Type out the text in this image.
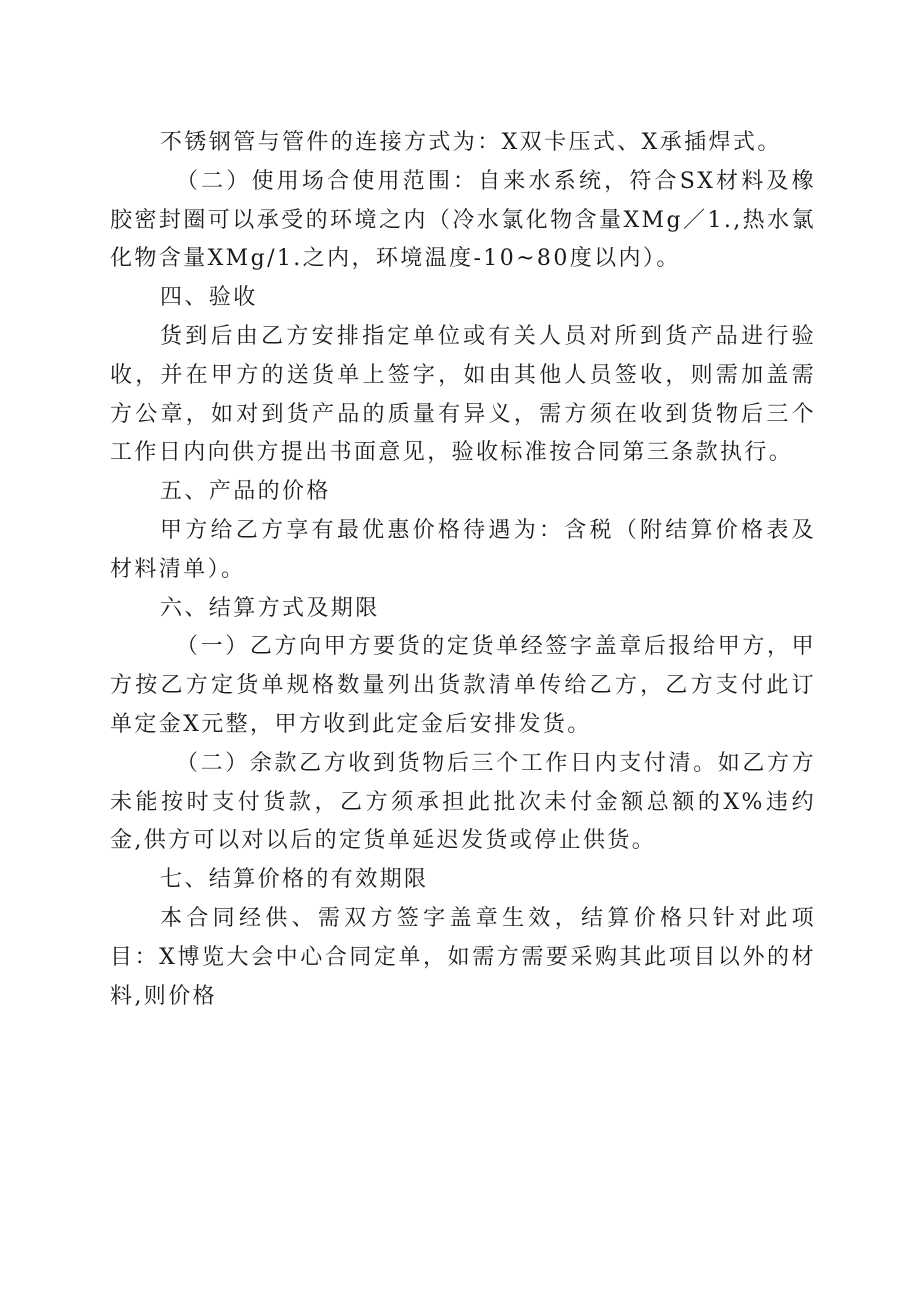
不锈钢管与管件的连接方式为：X双卡压式、X承插焊式。

（二）使用场合使用范围：自来水系统，符合SX材料及橡胶密封圈可以承受的环境之内（冷水氯化物含量XMg／1.,热水氯化物含量XMg/1.之内，环境温度-10~80度以内）。

四、验收

货到后由乙方安排指定单位或有关人员对所到货产品进行验收，并在甲方的送货单上签字，如由其他人员签收，则需加盖需方公章，如对到货产品的质量有异义，需方须在收到货物后三个工作日内向供方提出书面意见，验收标准按合同第三条款执行。

五、产品的价格

甲方给乙方享有最优惠价格待遇为：含税（附结算价格表及材料清单）。

六、结算方式及期限

（一）乙方向甲方要货的定货单经签字盖章后报给甲方，甲方按乙方定货单规格数量列出货款清单传给乙方，乙方支付此订单定金X元整，甲方收到此定金后安排发货。

（二）余款乙方收到货物后三个工作日内支付清。如乙方方未能按时支付货款，乙方须承担此批次未付金额总额的X%违约金,供方可以对以后的定货单延迟发货或停止供货。

七、结算价格的有效期限

本合同经供、需双方签字盖章生效，结算价格只针对此项目：X博览大会中心合同定单，如需方需要采购其此项目以外的材料,则价格
